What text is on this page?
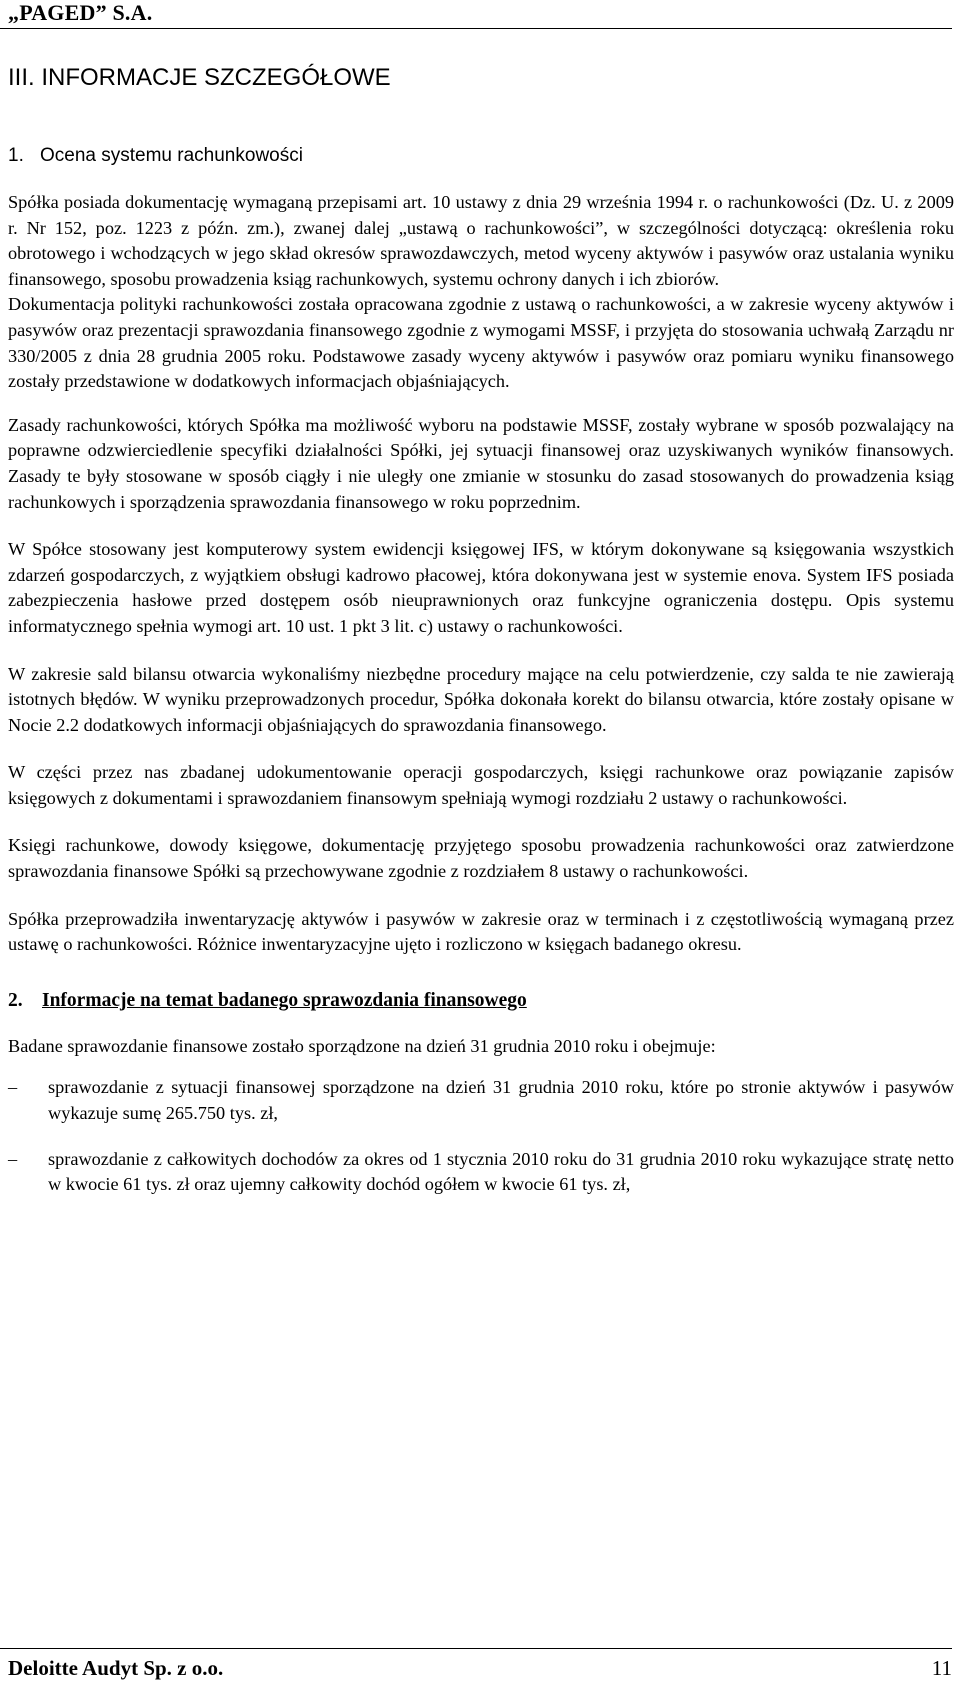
„PAGED” S.A.
III. INFORMACJE SZCZEGÓŁOWE
1. Ocena systemu rachunkowości

Spółka posiada dokumentację wymaganą przepisami art. 10 ustawy z dnia 29 września 1994 r. o rachunkowości (Dz. U. z 2009 r. Nr 152, poz. 1223 z późn. zm.), zwanej dalej „ustawą o rachunkowości”, w szczególności dotyczącą: określenia roku obrotowego i wchodzących w jego skład okresów sprawozdawczych, metod wyceny aktywów i pasywów oraz ustalania wyniku finansowego, sposobu prowadzenia ksiąg rachunkowych, systemu ochrony danych i ich zbiorów.

Dokumentacja polityki rachunkowości została opracowana zgodnie z ustawą o rachunkowości, a w zakresie wyceny aktywów i pasywów oraz prezentacji sprawozdania finansowego zgodnie z wymogami MSSF, i przyjęta do stosowania uchwałą Zarządu nr 330/2005 z dnia 28 grudnia 2005 roku. Podstawowe zasady wyceny aktywów i pasywów oraz pomiaru wyniku finansowego zostały przedstawione w dodatkowych informacjach objaśniających.

Zasady rachunkowości, których Spółka ma możliwość wyboru na podstawie MSSF, zostały wybrane w sposób pozwalający na poprawne odzwierciedlenie specyfiki działalności Spółki, jej sytuacji finansowej oraz uzyskiwanych wyników finansowych. Zasady te były stosowane w sposób ciągły i nie uległy one zmianie w stosunku do zasad stosowanych do prowadzenia ksiąg rachunkowych i sporządzenia sprawozdania finansowego w roku poprzednim.

W Spółce stosowany jest komputerowy system ewidencji księgowej IFS, w którym dokonywane są księgowania wszystkich zdarzeń gospodarczych, z wyjątkiem obsługi kadrowo płacowej, która dokonywana jest w systemie enova. System IFS posiada zabezpieczenia hasłowe przed dostępem osób nieuprawnionych oraz funkcyjne ograniczenia dostępu. Opis systemu informatycznego spełnia wymogi art. 10 ust. 1 pkt 3 lit. c) ustawy o rachunkowości.

W zakresie sald bilansu otwarcia wykonaliśmy niezbędne procedury mające na celu potwierdzenie, czy salda te nie zawierają istotnych błędów. W wyniku przeprowadzonych procedur, Spółka dokonała korekt do bilansu otwarcia, które zostały opisane w Nocie 2.2 dodatkowych informacji objaśniających do sprawozdania finansowego.

W części przez nas zbadanej udokumentowanie operacji gospodarczych, księgi rachunkowe oraz powiązanie zapisów księgowych z dokumentami i sprawozdaniem finansowym spełniają wymogi rozdziału 2 ustawy o rachunkowości.

Księgi rachunkowe, dowody księgowe, dokumentację przyjętego sposobu prowadzenia rachunkowości oraz zatwierdzone sprawozdania finansowe Spółki są przechowywane zgodnie z rozdziałem 8 ustawy o rachunkowości.

Spółka przeprowadziła inwentaryzację aktywów i pasywów w zakresie oraz w terminach i z częstotliwością wymaganą przez ustawę o rachunkowości. Różnice inwentaryzacyjne ujęto i rozliczono w księgach badanego okresu.

2. Informacje na temat badanego sprawozdania finansowego

Badane sprawozdanie finansowe zostało sporządzone na dzień 31 grudnia 2010 roku i obejmuje:

– sprawozdanie z sytuacji finansowej sporządzone na dzień 31 grudnia 2010 roku, które po stronie aktywów i pasywów wykazuje sumę 265.750 tys. zł,
– sprawozdanie z całkowitych dochodów za okres od 1 stycznia 2010 roku do 31 grudnia 2010 roku wykazujące stratę netto w kwocie 61 tys. zł oraz ujemny całkowity dochód ogółem w kwocie 61 tys. zł,
Deloitte Audyt Sp. z o.o.	11
